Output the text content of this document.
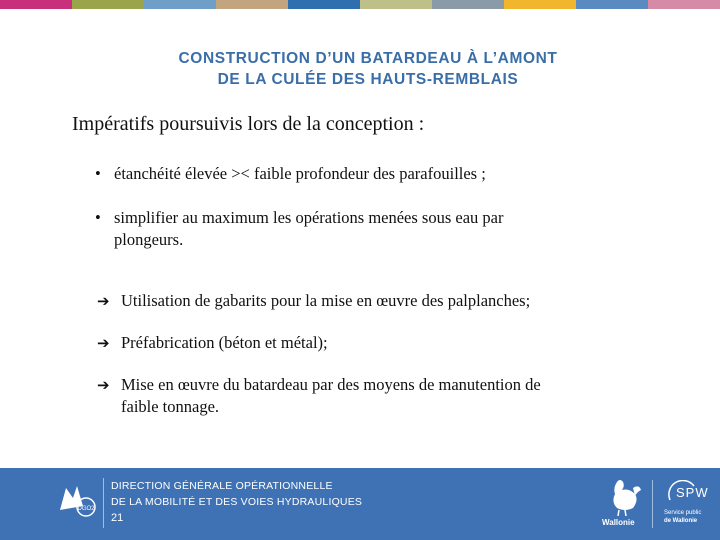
CONSTRUCTION D’UN BATARDEAU À L’AMONT
DE LA CULÉE DES HAUTS-REMBLAIS
Impératifs poursuivis lors de la conception :
• étanchéité élevée >< faible profondeur des parafouilles ;
• simplifier au maximum les opérations menées sous eau par
plongeurs.
➔ Utilisation de gabarits pour la mise en œuvre des palplanches;
➔ Préfabrication (béton et métal);
➔ Mise en œuvre du batardeau par des moyens de manutention de
faible tonnage.
DGO2
DIRECTION GÉNÉRALE OPÉRATIONNELLE
DE LA MOBILITÉ ET DES VOIES HYDRAULIQUES
21	Wallonie
SPW
Service public
de Wallonie
